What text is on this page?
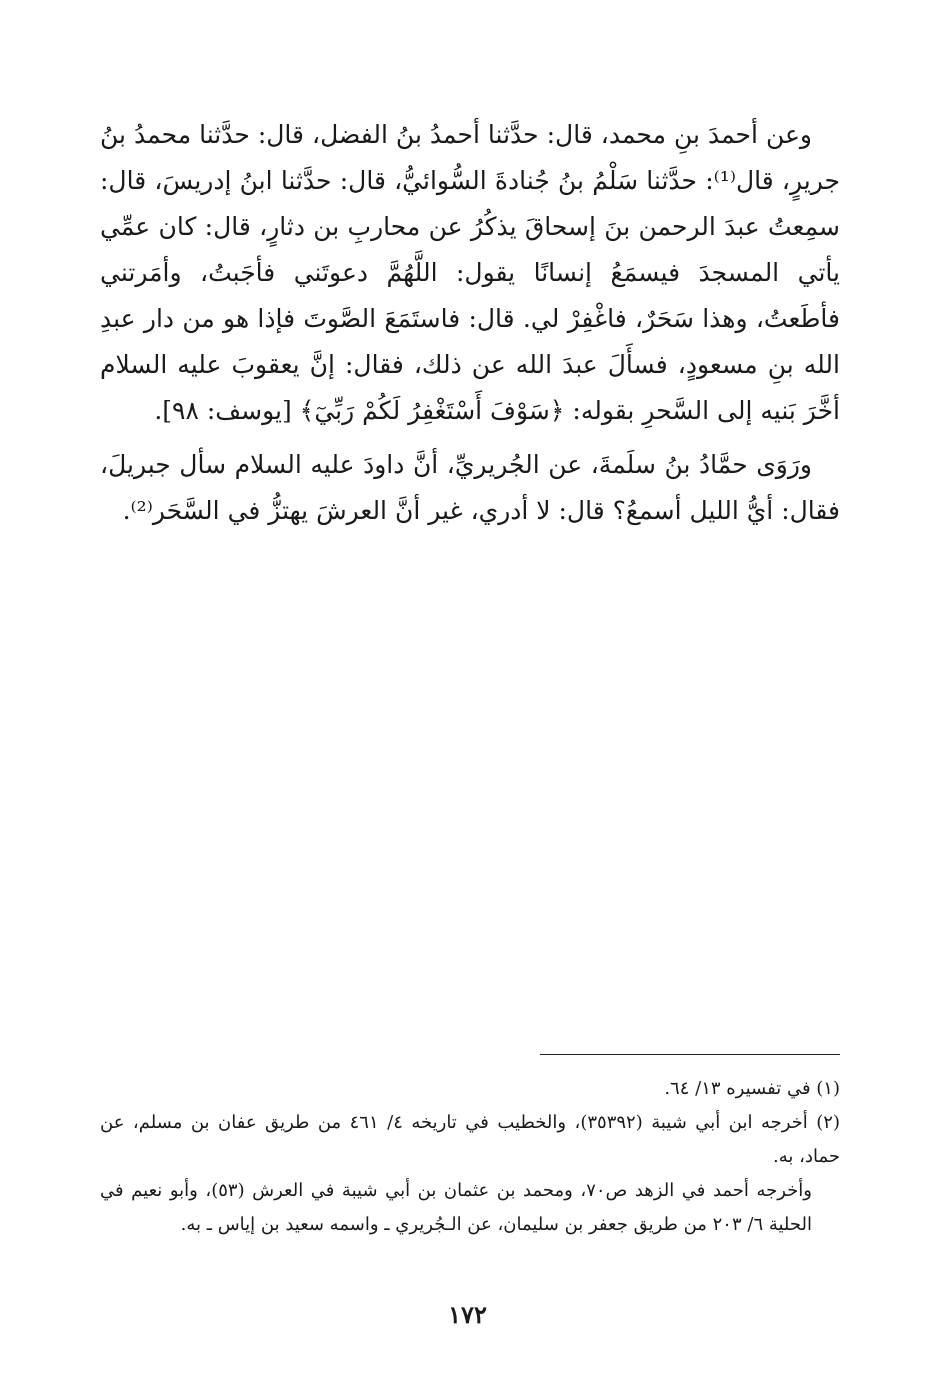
وعن أحمدَ بنِ محمد، قال: حدَّثنا أحمدُ بنُ الفضل، قال: حدَّثنا محمدُ بنُ جريرٍ، قال⁽¹⁾: حدَّثنا سَلْمُ بنُ جُنادةَ السُّوائيُّ، قال: حدَّثنا ابنُ إدريسَ، قال: سمِعتُ عبدَ الرحمن بنَ إسحاقَ يذكُرُ عن محاربِ بن دثارٍ، قال: كان عمِّي يأتي المسجدَ فيسمَعُ إنسانًا يقول: اللَّهُمَّ دعوتَني فأجَبتُ، وأمَرتني فأطَعتُ، وهذا سَحَرٌ، فاغْفِرْ لي. قال: فاستَمَعَ الصَّوتَ فإذا هو من دار عبدِ الله بنِ مسعودٍ، فسأَلَ عبدَ الله عن ذلك، فقال: إنَّ يعقوبَ عليه السلام أخَّرَ بَنيه إلى السَّحرِ بقوله: ﴿سَوْفَ أَسْتَغْفِرُ لَكُمْ رَبِّيٓ﴾ [يوسف: ٩٨].

ورَوَى حمَّادُ بنُ سلَمةَ، عن الجُريريِّ، أنَّ داودَ عليه السلام سأل جبريلَ، فقال: أيُّ الليل أسمعُ؟ قال: لا أدري، غير أنَّ العرشَ يهتزُّ في السَّحَر⁽²⁾.

(١) في تفسيره ١٣/ ٦٤.

(٢) أخرجه ابن أبي شيبة (٣٥٣٩٢)، والخطيب في تاريخه ٤/ ٤٦١ من طريق عفان بن مسلم، عن حماد، به.

وأخرجه أحمد في الزهد ص٧٠، ومحمد بن عثمان بن أبي شيبة في العرش (٥٣)، وأبو نعيم في الحلية ٦/ ٢٠٣ من طريق جعفر بن سليمان، عن الـجُريري ـ واسمه سعيد بن إياس ـ به.

١٧٢
